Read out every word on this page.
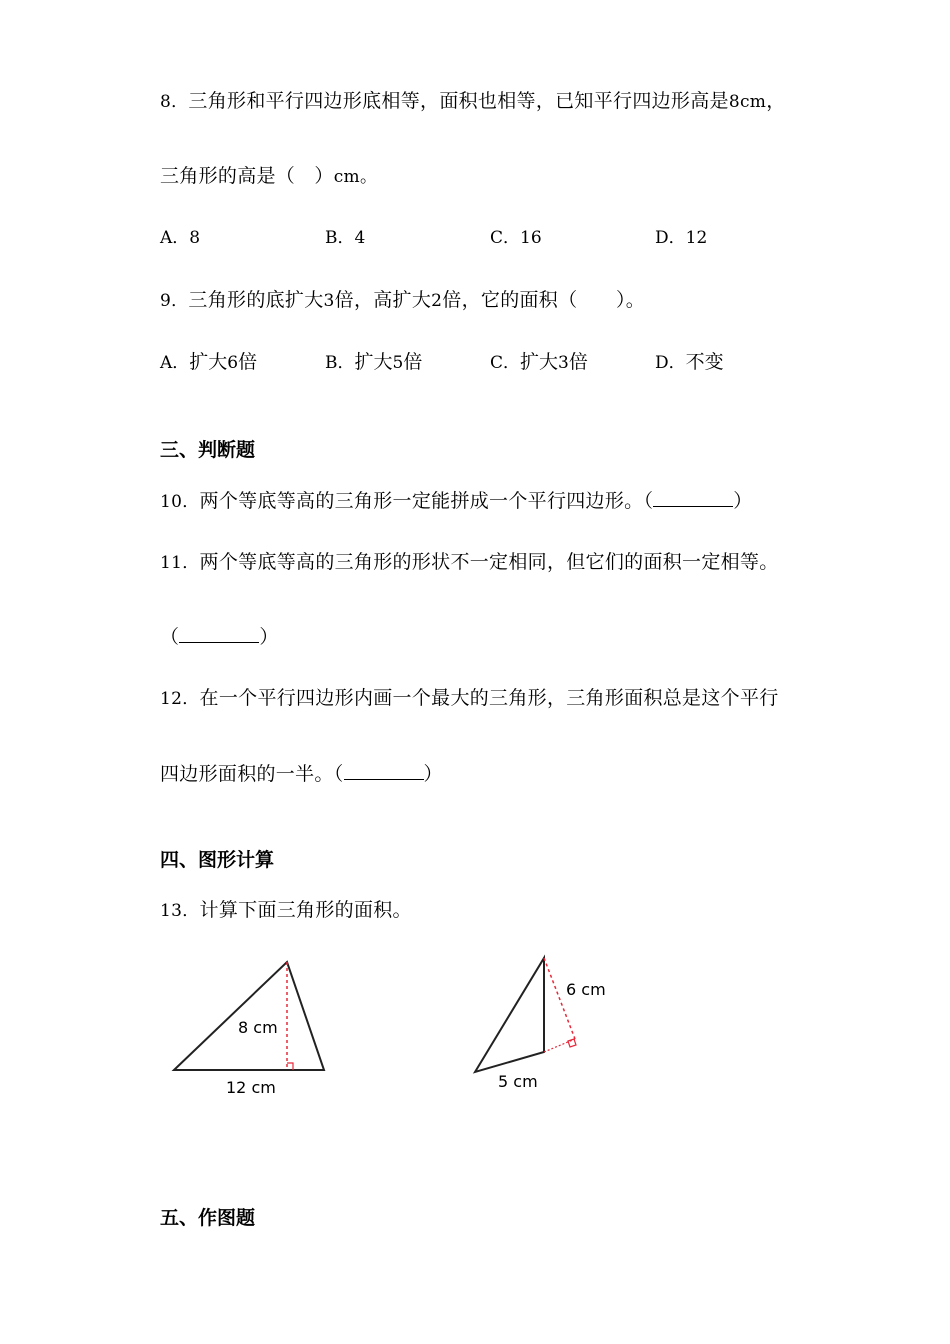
8．三角形和平行四边形底相等，面积也相等，已知平行四边形高是8cm，
三角形的高是（　）cm。
A．8	B．4	C．16	D．12
9．三角形的底扩大3倍，高扩大2倍，它的面积（　　）。
A．扩大6倍	B．扩大5倍	C．扩大3倍	D．不变
三、判断题
10．两个等底等高的三角形一定能拼成一个平行四边形。（	）
11．两个等底等高的三角形的形状不一定相同，但它们的面积一定相等。
（	）
12．在一个平行四边形内画一个最大的三角形，三角形面积总是这个平行
四边形面积的一半。（	）
四、图形计算
13．计算下面三角形的面积。
8 cm
12 cm
6 cm
5 cm
五、作图题
